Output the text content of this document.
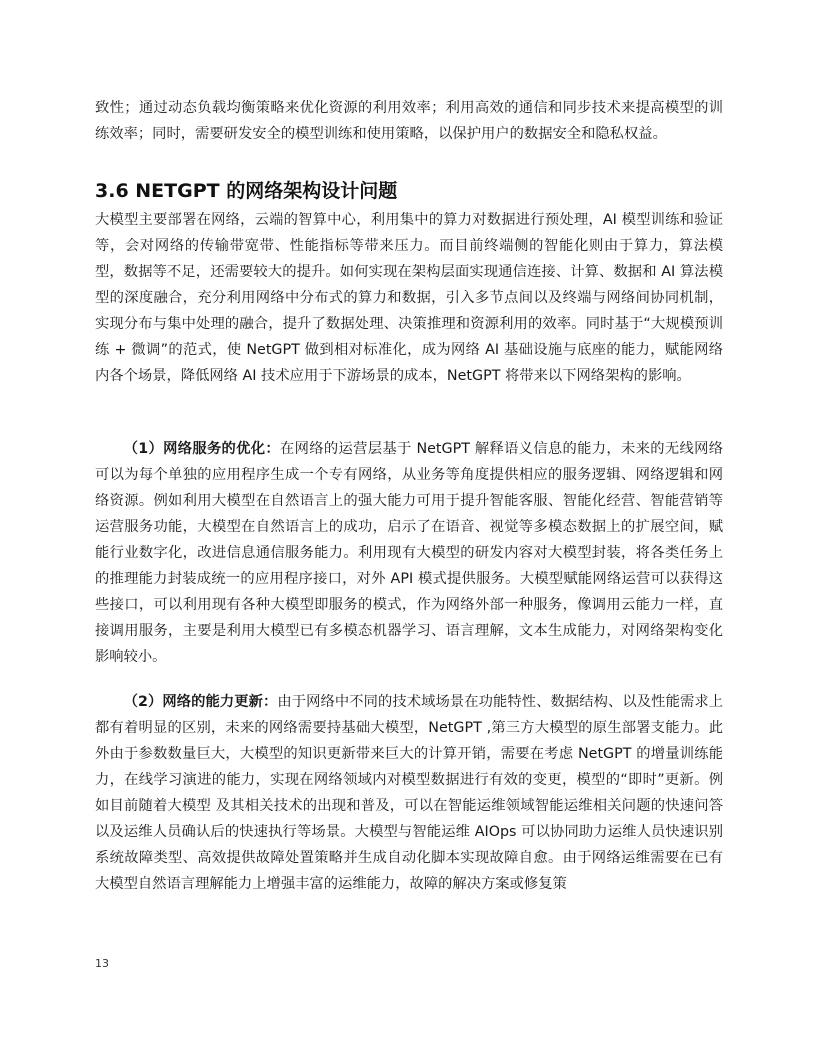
致性；通过动态负载均衡策略来优化资源的利用效率；利用高效的通信和同步技术来提高模型的训练效率；同时，需要研发安全的模型训练和使用策略，以保护用户的数据安全和隐私权益。

3.6 NETGPT 的网络架构设计问题

大模型主要部署在网络，云端的智算中心，利用集中的算力对数据进行预处理，AI 模型训练和验证等，会对网络的传输带宽带、性能指标等带来压力。而目前终端侧的智能化则由于算力，算法模型，数据等不足，还需要较大的提升。如何实现在架构层面实现通信连接、计算、数据和 AI 算法模型的深度融合，充分利用网络中分布式的算力和数据，引入多节点间以及终端与网络间协同机制，实现分布与集中处理的融合，提升了数据处理、决策推理和资源利用的效率。同时基于“大规模预训练 + 微调”的范式，使 NetGPT 做到相对标准化，成为网络 AI 基础设施与底座的能力，赋能网络内各个场景，降低网络 AI 技术应用于下游场景的成本，NetGPT 将带来以下网络架构的影响。

（1）网络服务的优化：在网络的运营层基于 NetGPT 解释语义信息的能力，未来的无线网络可以为每个单独的应用程序生成一个专有网络，从业务等角度提供相应的服务逻辑、网络逻辑和网络资源。例如利用大模型在自然语言上的强大能力可用于提升智能客服、智能化经营、智能营销等运营服务功能，大模型在自然语言上的成功，启示了在语音、视觉等多模态数据上的扩展空间，赋能行业数字化，改进信息通信服务能力。利用现有大模型的研发内容对大模型封装，将各类任务上的推理能力封装成统一的应用程序接口，对外 API 模式提供服务。大模型赋能网络运营可以获得这些接口，可以利用现有各种大模型即服务的模式，作为网络外部一种服务，像调用云能力一样，直接调用服务，主要是利用大模型已有多模态机器学习、语言理解，文本生成能力，对网络架构变化影响较小。

（2）网络的能力更新：由于网络中不同的技术域场景在功能特性、数据结构、以及性能需求上都有着明显的区别，未来的网络需要持基础大模型，NetGPT ,第三方大模型的原生部署支能力。此外由于参数数量巨大，大模型的知识更新带来巨大的计算开销，需要在考虑 NetGPT 的增量训练能力，在线学习演进的能力，实现在网络领域内对模型数据进行有效的变更，模型的“即时”更新。例如目前随着大模型 及其相关技术的出现和普及，可以在智能运维领域智能运维相关问题的快速问答以及运维人员确认后的快速执行等场景。大模型与智能运维 AIOps 可以协同助力运维人员快速识别系统故障类型、高效提供故障处置策略并生成自动化脚本实现故障自愈。由于网络运维需要在已有大模型自然语言理解能力上增强丰富的运维能力，故障的解决方案或修复策

13
